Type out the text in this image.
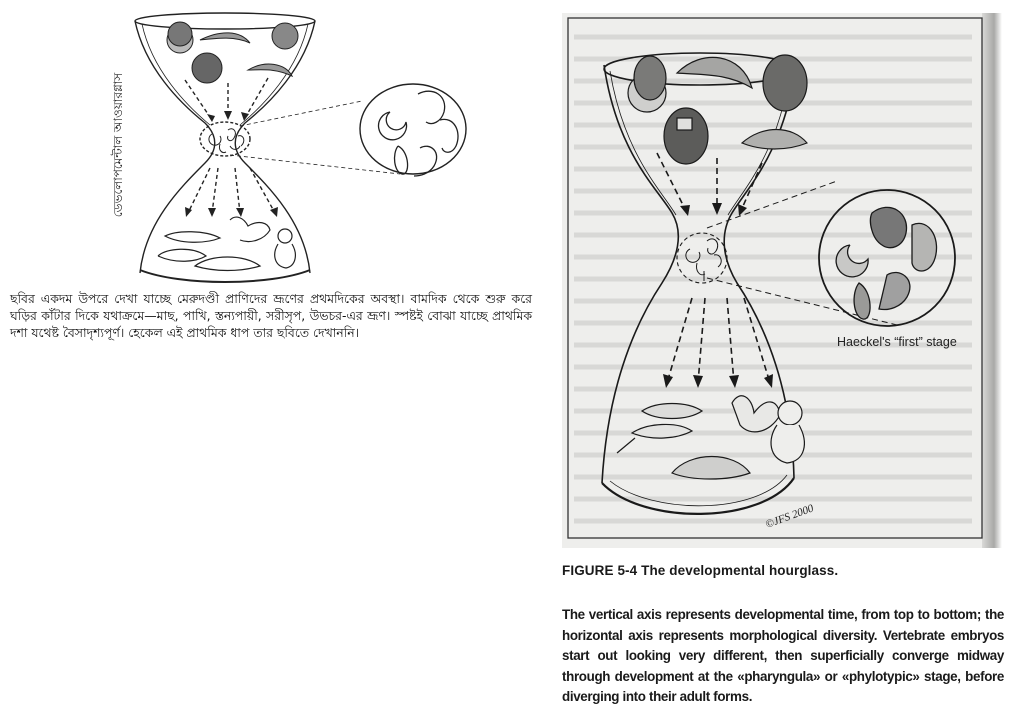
ডেভলোপমেন্টাল আওয়ারগ্লাস
ছবির একদম উপরে দেখা যাচ্ছে মেরুদণ্ডী প্রাণিদের ভ্রূণের প্রথমদিকের অবস্থা। বামদিক থেকে শুরু করে ঘড়ির কাঁটার দিকে যথাক্রমে—মাছ, পাখি, স্তন্যপায়ী, সরীসৃপ, উভচর-এর ভ্রূণ। স্পষ্টই বোঝা যাচ্ছে প্রাথমিক দশা যথেষ্ট বৈসাদৃশ্যপূর্ণ। হেকেল এই প্রাথমিক ধাপ তার ছবিতে দেখাননি।
Haeckel's “first” stage
©JFS 2000
FIGURE 5-4 The developmental hourglass.
The vertical axis represents developmental time, from top to bottom; the horizontal axis represents morphological diversity. Vertebrate embryos start out looking very different, then superficially converge midway through development at the «pharyngula» or «phylotypic» stage, before diverging into their adult forms.
